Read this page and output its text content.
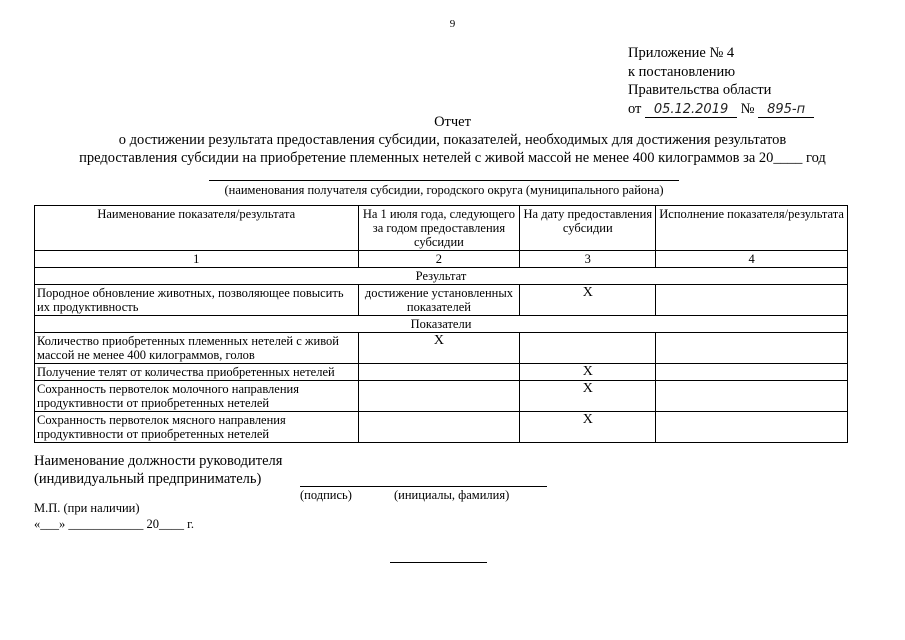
9
Приложение № 4
к постановлению
Правительства области
от 05.12.2019 № 895-п
Отчет
о достижении результата предоставления субсидии, показателей, необходимых для достижения результатов
предоставления субсидии на приобретение племенных нетелей с живой массой не менее 400 килограммов за 20____ год
(наименования получателя субсидии, городского округа (муниципального района)
Наименование показателя/результата	На 1 июля года, следующего за годом предоставления субсидии	На дату предоставления субсидии	Исполнение показателя/результата
1	2	3	4
Результат			
Породное обновление животных, позволяющее повысить их продуктивность	достижение установленных показателей	X	
Показатели			
Количество приобретенных племенных нетелей с живой массой не менее 400 килограммов, голов	X		
Получение телят от количества приобретенных нетелей		X	
Сохранность первотелок молочного направления продуктивности от приобретенных нетелей		X	
Сохранность первотелок мясного направления продуктивности от приобретенных нетелей		X	
Наименование должности руководителя
(индивидуальный предприниматель)
(подпись)	(инициалы, фамилия)
М.П. (при наличии)
«___» ____________ 20____ г.
